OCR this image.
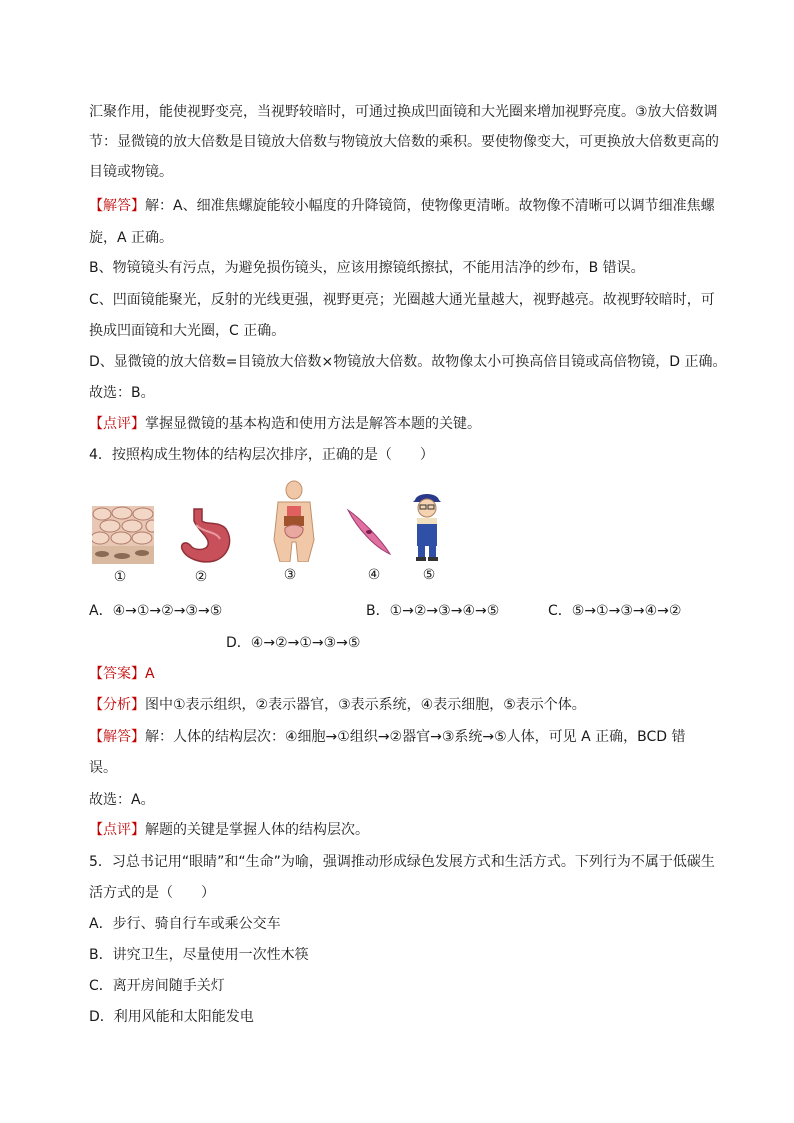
汇聚作用，能使视野变亮，当视野较暗时，可通过换成凹面镜和大光圈来增加视野亮度。③放大倍数调
节：显微镜的放大倍数是目镜放大倍数与物镜放大倍数的乘积。要使物像变大，可更换放大倍数更高的
目镜或物镜。
【解答】解：A、细准焦螺旋能较小幅度的升降镜筒，使物像更清晰。故物像不清晰可以调节细准焦螺
旋，A 正确。
B、物镜镜头有污点，为避免损伤镜头，应该用擦镜纸擦拭，不能用洁净的纱布，B 错误。
C、凹面镜能聚光，反射的光线更强，视野更亮；光圈越大通光量越大，视野越亮。故视野较暗时，可
换成凹面镜和大光圈，C 正确。
D、显微镜的放大倍数=目镜放大倍数×物镜放大倍数。故物像太小可换高倍目镜或高倍物镜，D 正确。
故选：B。
【点评】掌握显微镜的基本构造和使用方法是解答本题的关键。
4．按照构成生物体的结构层次排序，正确的是（　　）
①	②	③	④	⑤
A．④→①→②→③→⑤	B．①→②→③→④→⑤	C．⑤→①→③→④→②
D．④→②→①→③→⑤
【答案】A
【分析】图中①表示组织，②表示器官，③表示系统，④表示细胞，⑤表示个体。
【解答】解：人体的结构层次：④细胞→①组织→②器官→③系统→⑤人体，可见 A 正确，BCD 错
误。
故选：A。
【点评】解题的关键是掌握人体的结构层次。
5．习总书记用“眼睛”和“生命”为喻，强调推动形成绿色发展方式和生活方式。下列行为不属于低碳生
活方式的是（　　）
A．步行、骑自行车或乘公交车
B．讲究卫生，尽量使用一次性木筷
C．离开房间随手关灯
D．利用风能和太阳能发电
